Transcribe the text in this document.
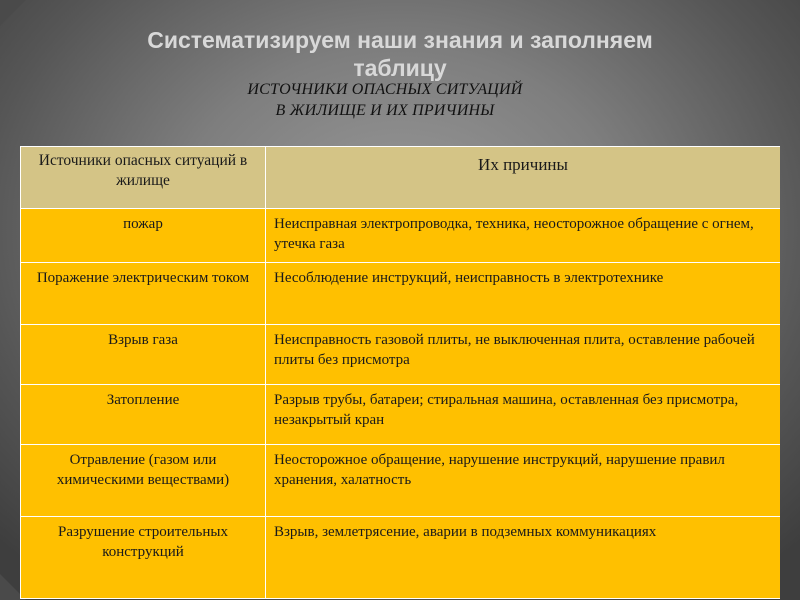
Систематизируем наши знания и заполняем таблицу
ИСТОЧНИКИ ОПАСНЫХ СИТУАЦИЙ
В ЖИЛИЩЕ И ИХ ПРИЧИНЫ
Источники опасных ситуаций в жилище	Их причины
пожар	Неисправная электропроводка, техника, неосторожное обращение с огнем, утечка газа
Поражение электрическим током	Несоблюдение инструкций, неисправность в электротехнике
Взрыв газа	Неисправность газовой плиты, не выключенная плита, оставление рабочей плиты без присмотра
Затопление	Разрыв трубы, батареи; стиральная машина, оставленная без присмотра, незакрытый кран
Отравление (газом или химическими веществами)	Неосторожное обращение, нарушение инструкций, нарушение правил хранения, халатность
Разрушение строительных конструкций	Взрыв, землетрясение, аварии в подземных коммуникациях
